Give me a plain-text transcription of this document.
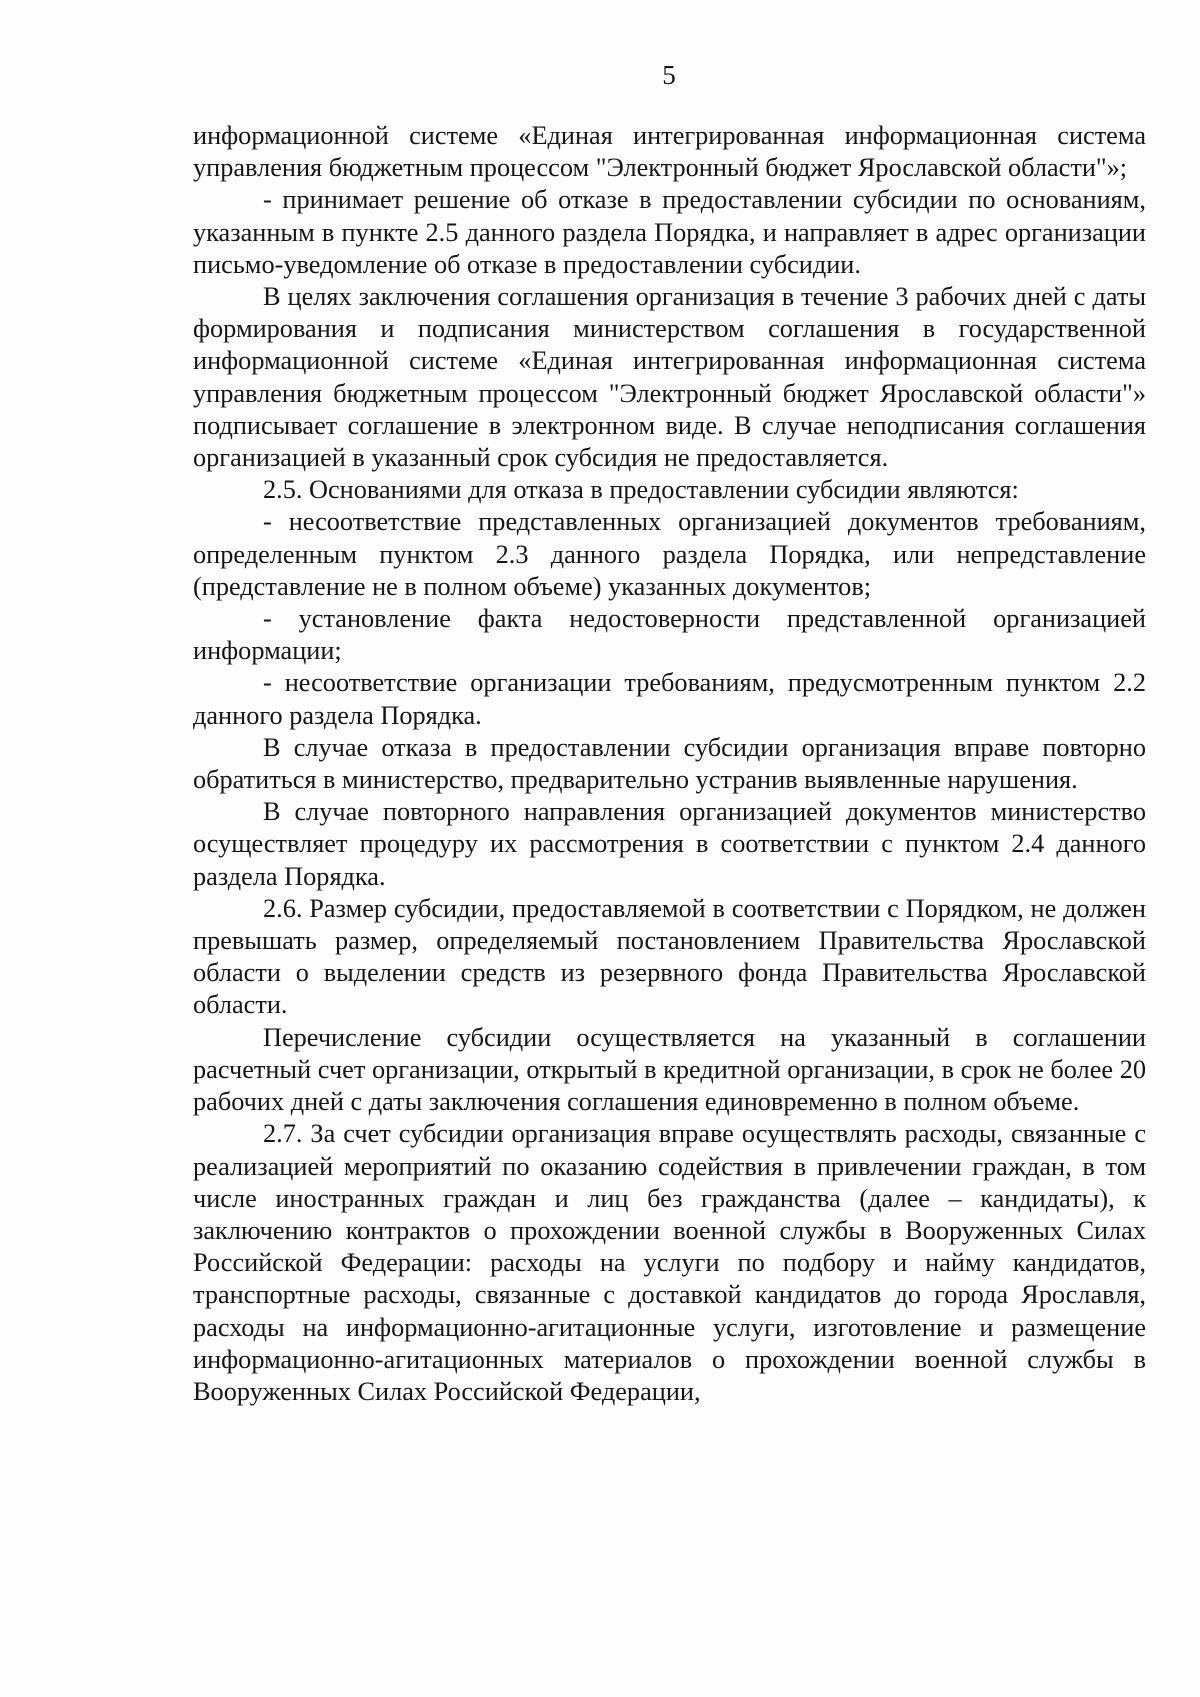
5

информационной системе «Единая интегрированная информационная система управления бюджетным процессом "Электронный бюджет Ярославской области"»;

- принимает решение об отказе в предоставлении субсидии по основаниям, указанным в пункте 2.5 данного раздела Порядка, и направляет в адрес организации письмо-уведомление об отказе в предоставлении субсидии.

В целях заключения соглашения организация в течение 3 рабочих дней с даты формирования и подписания министерством соглашения в государственной информационной системе «Единая интегрированная информационная система управления бюджетным процессом "Электронный бюджет Ярославской области"» подписывает соглашение в электронном виде. В случае неподписания соглашения организацией в указанный срок субсидия не предоставляется.

2.5. Основаниями для отказа в предоставлении субсидии являются:

- несоответствие представленных организацией документов требованиям, определенным пунктом 2.3 данного раздела Порядка, или непредставление (представление не в полном объеме) указанных документов;

- установление факта недостоверности представленной организацией информации;

- несоответствие организации требованиям, предусмотренным пунктом 2.2 данного раздела Порядка.

В случае отказа в предоставлении субсидии организация вправе повторно обратиться в министерство, предварительно устранив выявленные нарушения.

В случае повторного направления организацией документов министерство осуществляет процедуру их рассмотрения в соответствии с пунктом 2.4 данного раздела Порядка.

2.6. Размер субсидии, предоставляемой в соответствии с Порядком, не должен превышать размер, определяемый постановлением Правительства Ярославской области о выделении средств из резервного фонда Правительства Ярославской области.

Перечисление субсидии осуществляется на указанный в соглашении расчетный счет организации, открытый в кредитной организации, в срок не более 20 рабочих дней с даты заключения соглашения единовременно в полном объеме.

2.7. За счет субсидии организация вправе осуществлять расходы, связанные с реализацией мероприятий по оказанию содействия в привлечении граждан, в том числе иностранных граждан и лиц без гражданства (далее – кандидаты), к заключению контрактов о прохождении военной службы в Вооруженных Силах Российской Федерации: расходы на услуги по подбору и найму кандидатов, транспортные расходы, связанные с доставкой кандидатов до города Ярославля, расходы на информационно-агитационные услуги, изготовление и размещение информационно-агитационных материалов о прохождении военной службы в Вооруженных Силах Российской Федерации,
